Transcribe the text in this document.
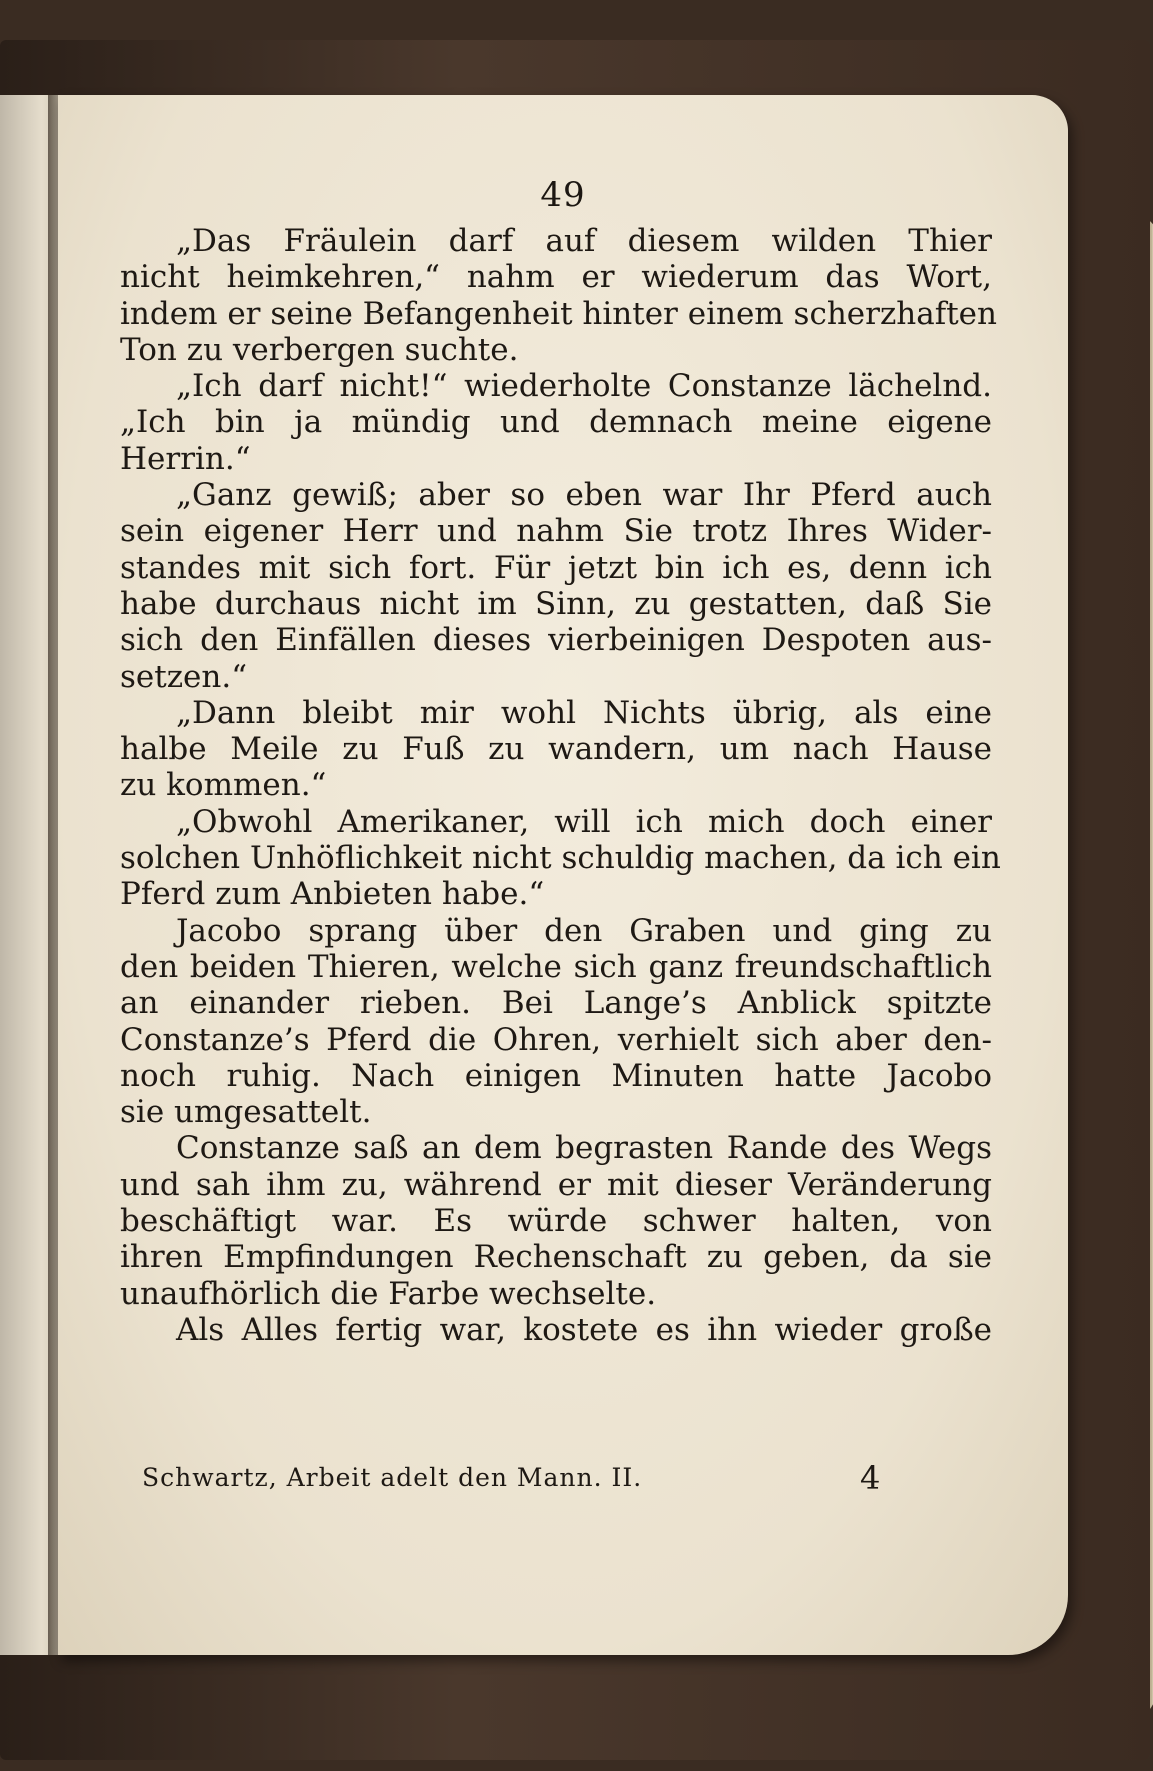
49
„Das Fräulein darf auf diesem wilden Thier
nicht heimkehren,“ nahm er wiederum das Wort,
indem er seine Befangenheit hinter einem scherzhaften
Ton zu verbergen suchte.
„Ich darf nicht!“ wiederholte Constanze lächelnd.
„Ich bin ja mündig und demnach meine eigene
Herrin.“
„Ganz gewiß; aber so eben war Ihr Pferd auch
sein eigener Herr und nahm Sie trotz Ihres Wider-
standes mit sich fort. Für jetzt bin ich es, denn ich
habe durchaus nicht im Sinn, zu gestatten, daß Sie
sich den Einfällen dieses vierbeinigen Despoten aus-
setzen.“
„Dann bleibt mir wohl Nichts übrig, als eine
halbe Meile zu Fuß zu wandern, um nach Hause
zu kommen.“
„Obwohl Amerikaner, will ich mich doch einer
solchen Unhöflichkeit nicht schuldig machen, da ich ein
Pferd zum Anbieten habe.“
Jacobo sprang über den Graben und ging zu
den beiden Thieren, welche sich ganz freundschaftlich
an einander rieben. Bei Lange’s Anblick spitzte
Constanze’s Pferd die Ohren, verhielt sich aber den-
noch ruhig. Nach einigen Minuten hatte Jacobo
sie umgesattelt.
Constanze saß an dem begrasten Rande des Wegs
und sah ihm zu, während er mit dieser Veränderung
beschäftigt war. Es würde schwer halten, von
ihren Empfindungen Rechenschaft zu geben, da sie
unaufhörlich die Farbe wechselte.
Als Alles fertig war, kostete es ihn wieder große
Schwartz, Arbeit adelt den Mann. II.	4
